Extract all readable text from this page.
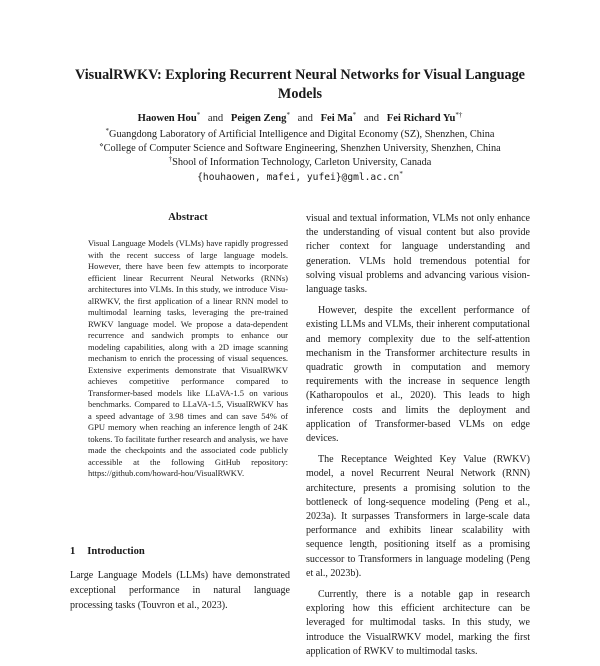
VisualRWKV: Exploring Recurrent Neural Networks for Visual Language
Models
Haowen Hou* and Peigen Zeng* and Fei Ma* and Fei Richard Yu*†
*Guangdong Laboratory of Artificial Intelligence and Digital Economy (SZ), Shenzhen, China
⋄College of Computer Science and Software Engineering, Shenzhen University, Shenzhen, China
†Shool of Information Technology, Carleton University, Canada
{houhaowen, mafei, yufei}@gml.ac.cn*
Abstract
Visual Language Models (VLMs) have rapidly progressed with the recent success of large language models. However, there have been few attempts to incorporate efficient linear Recurrent Neural Networks (RNNs) architectures into VLMs. In this study, we introduce VisualRWKV, the first application of a linear RNN model to multimodal learning tasks, leveraging the pre-trained RWKV language model. We propose a data-dependent recurrence and sandwich prompts to enhance our modeling capabilities, along with a 2D image scanning mechanism to enrich the processing of visual sequences. Extensive experiments demonstrate that VisualRWKV achieves competitive performance compared to Transformer-based models like LLaVA-1.5 on various benchmarks. Compared to LLaVA-1.5, VisualRWKV has a speed advantage of 3.98 times and can save 54% of GPU memory when reaching an inference length of 24K tokens. To facilitate further research and analysis, we have made the checkpoints and the associated code publicly accessible at the following GitHub repository: https://github.com/howard-hou/VisualRWKV.
1 Introduction

Large Language Models (LLMs) have demonstrated exceptional performance in natural language processing tasks (Touvron et al., 2023).

visual and textual information, VLMs not only enhance the understanding of visual content but also provide richer context for language understanding and generation. VLMs hold tremendous potential for solving visual problems and advancing various vision-language tasks.

However, despite the excellent performance of existing LLMs and VLMs, their inherent computational and memory complexity due to the self-attention mechanism in the Transformer architecture results in quadratic growth in computation and memory requirements with the increase in sequence length (Katharopoulos et al., 2020). This leads to high inference costs and limits the deployment and application of Transformer-based VLMs on edge devices.

The Receptance Weighted Key Value (RWKV) model, a novel Recurrent Neural Network (RNN) architecture, presents a promising solution to the bottleneck of long-sequence modeling (Peng et al., 2023a). It surpasses Transformers in large-scale data performance and exhibits linear scalability with sequence length, positioning itself as a promising successor to Transformers in language modeling (Peng et al., 2023b).

Currently, there is a notable gap in research exploring how this efficient architecture can be leveraged for multimodal tasks. In this study, we introduce the VisualRWKV model, marking the first application of RWKV to multimodal tasks.
